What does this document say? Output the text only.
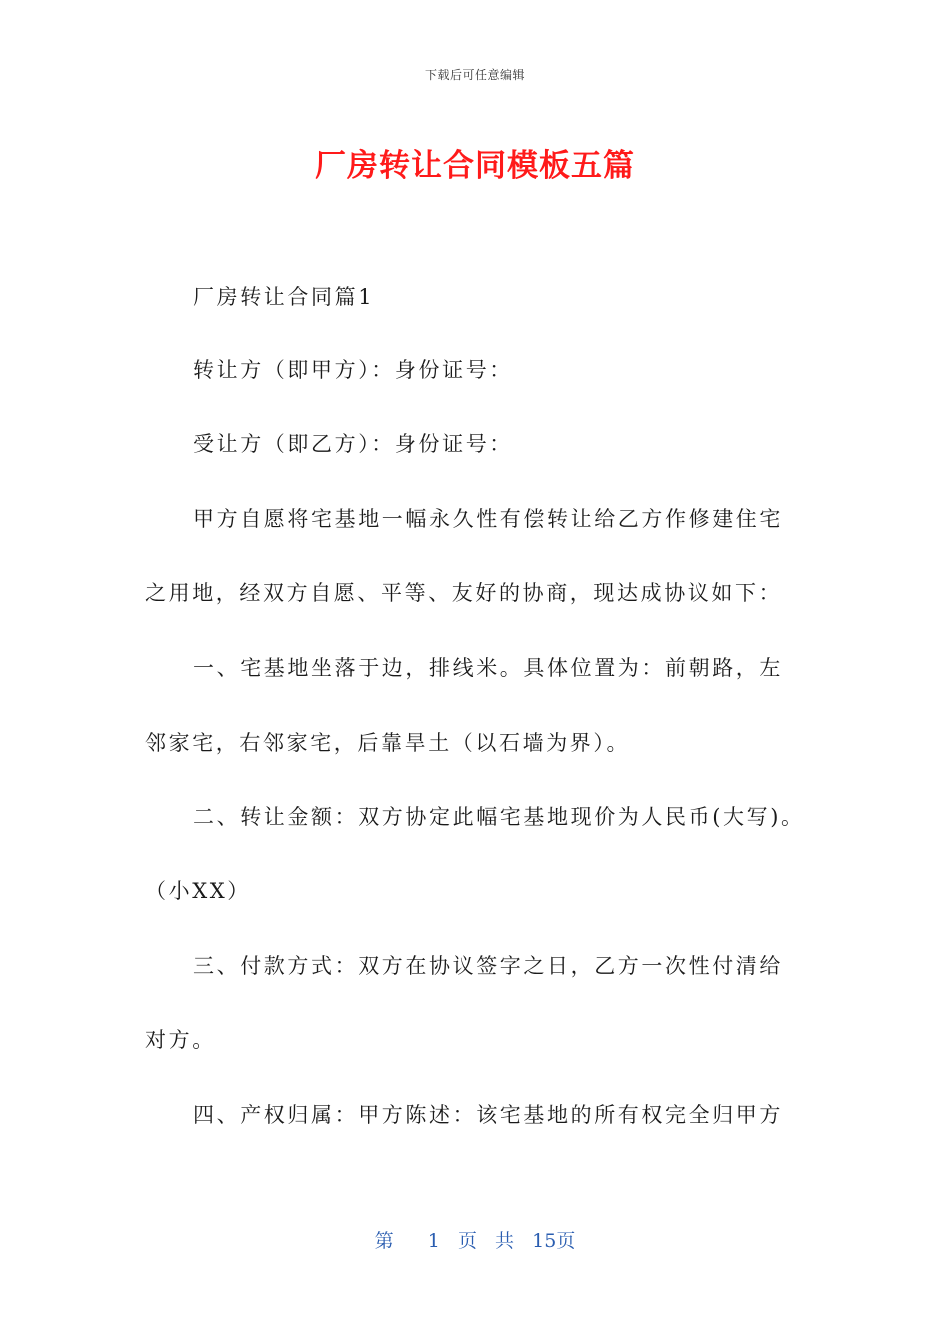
下载后可任意编辑
厂房转让合同模板五篇
厂房转让合同篇1
转让方（即甲方）：身份证号：
受让方（即乙方）：身份证号：
甲方自愿将宅基地一幅永久性有偿转让给乙方作修建住宅
之用地，经双方自愿、平等、友好的协商，现达成协议如下：
一、宅基地坐落于边，排线米。具体位置为：前朝路，左
邻家宅，右邻家宅，后靠旱土（以石墙为界）。
二、转让金额：双方协定此幅宅基地现价为人民币(大写)。
（小XX）
三、付款方式：双方在协议签字之日，乙方一次性付清给
对方。
四、产权归属：甲方陈述：该宅基地的所有权完全归甲方
第 1 页 共 15页
